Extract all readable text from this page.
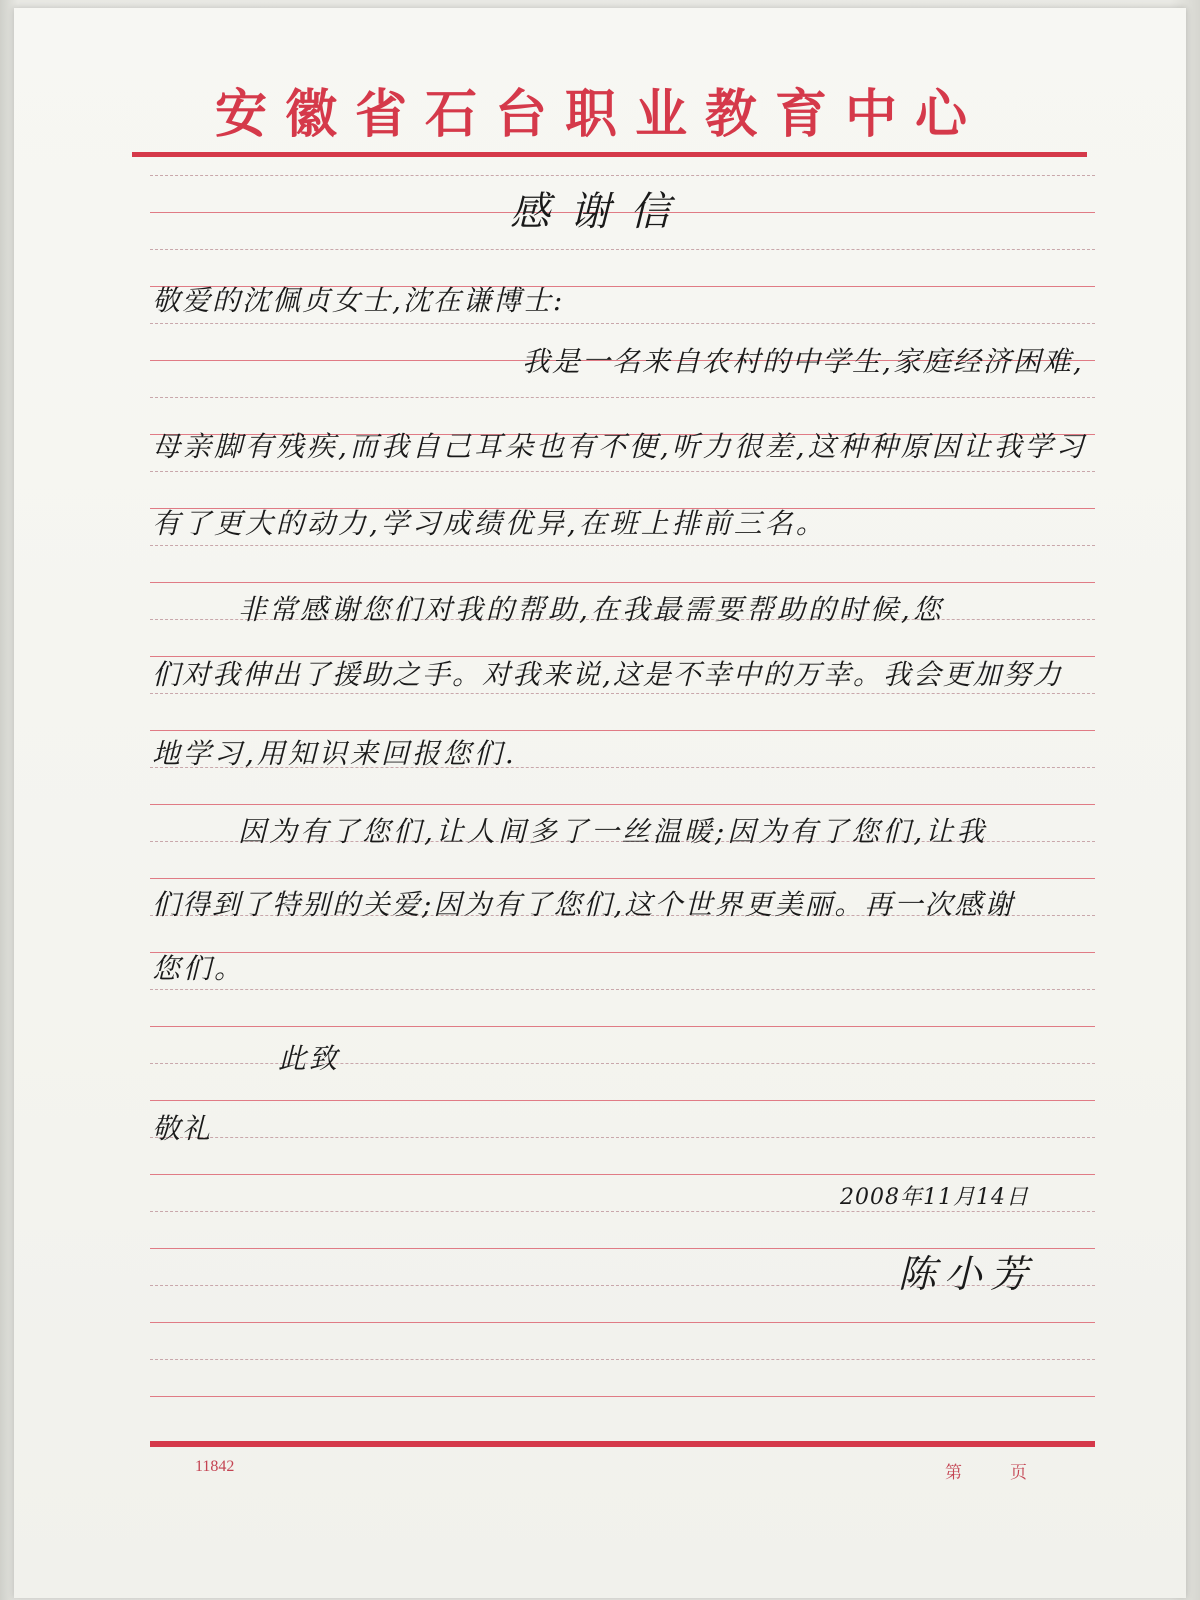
安徽省石台职业教育中心
感谢信
敬爱的沈佩贞女士,沈在谦博士:
我是一名来自农村的中学生,家庭经济困难,
母亲脚有残疾,而我自己耳朵也有不便,听力很差,这种种原因让我学习
有了更大的动力,学习成绩优异,在班上排前三名。
非常感谢您们对我的帮助,在我最需要帮助的时候,您
们对我伸出了援助之手。对我来说,这是不幸中的万幸。我会更加努力
地学习,用知识来回报您们.
因为有了您们,让人间多了一丝温暖;因为有了您们,让我
们得到了特别的关爱;因为有了您们,这个世界更美丽。再一次感谢
您们。
此致
敬礼
2008年11月14日
陈小芳
11842	第页
